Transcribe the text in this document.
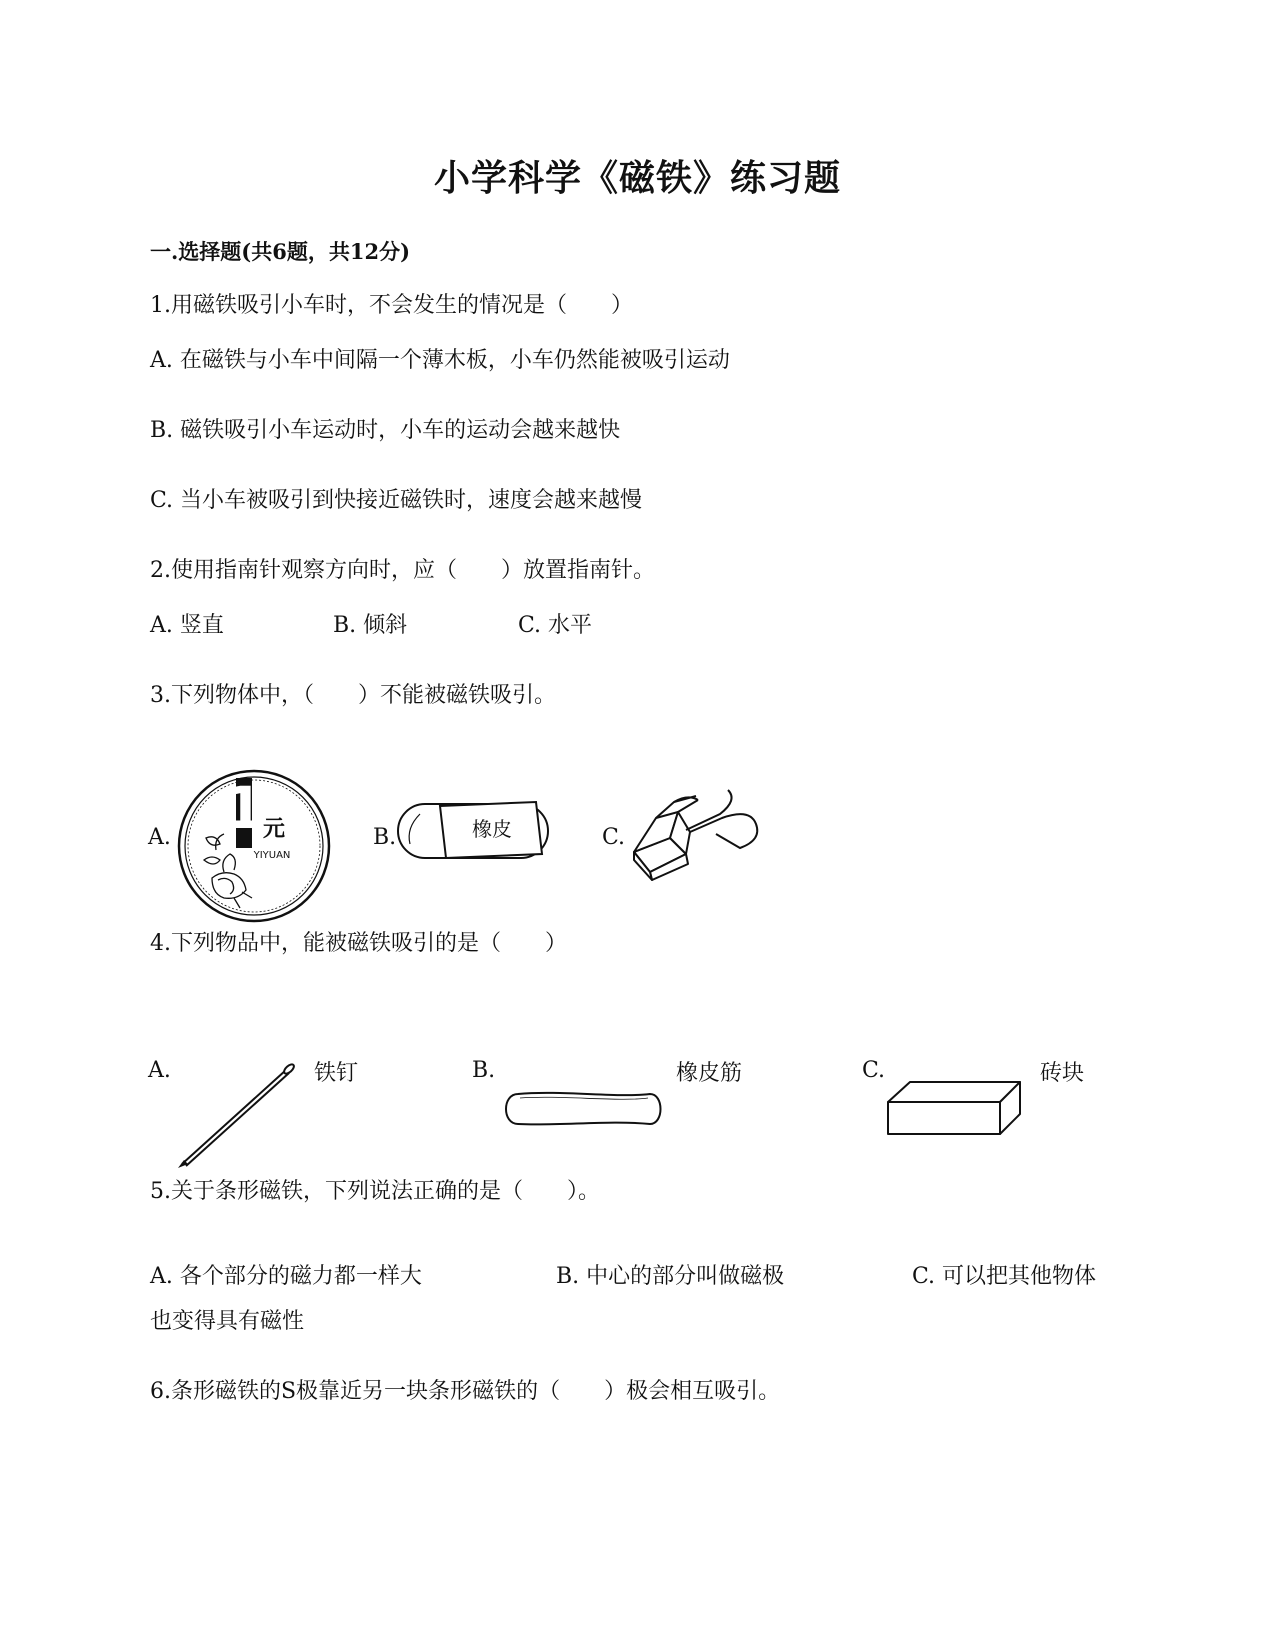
小学科学《磁铁》练习题
一.选择题(共6题，共12分)
1.用磁铁吸引小车时，不会发生的情况是（　　）
A. 在磁铁与小车中间隔一个薄木板，小车仍然能被吸引运动
B. 磁铁吸引小车运动时，小车的运动会越来越快
C. 当小车被吸引到快接近磁铁时，速度会越来越慢
2.使用指南针观察方向时，应（　　）放置指南针。
A. 竖直	B. 倾斜	C. 水平
3.下列物体中，（　　）不能被磁铁吸引。
A.	B.	C.
1
元
YIYUAN
橡皮
4.下列物品中，能被磁铁吸引的是（　　）
A.	铁钉	B.	橡皮筋	C.	砖块
5.关于条形磁铁，下列说法正确的是（　　）。
A. 各个部分的磁力都一样大	B. 中心的部分叫做磁极	C. 可以把其他物体
也变得具有磁性
6.条形磁铁的S极靠近另一块条形磁铁的（　　）极会相互吸引。
